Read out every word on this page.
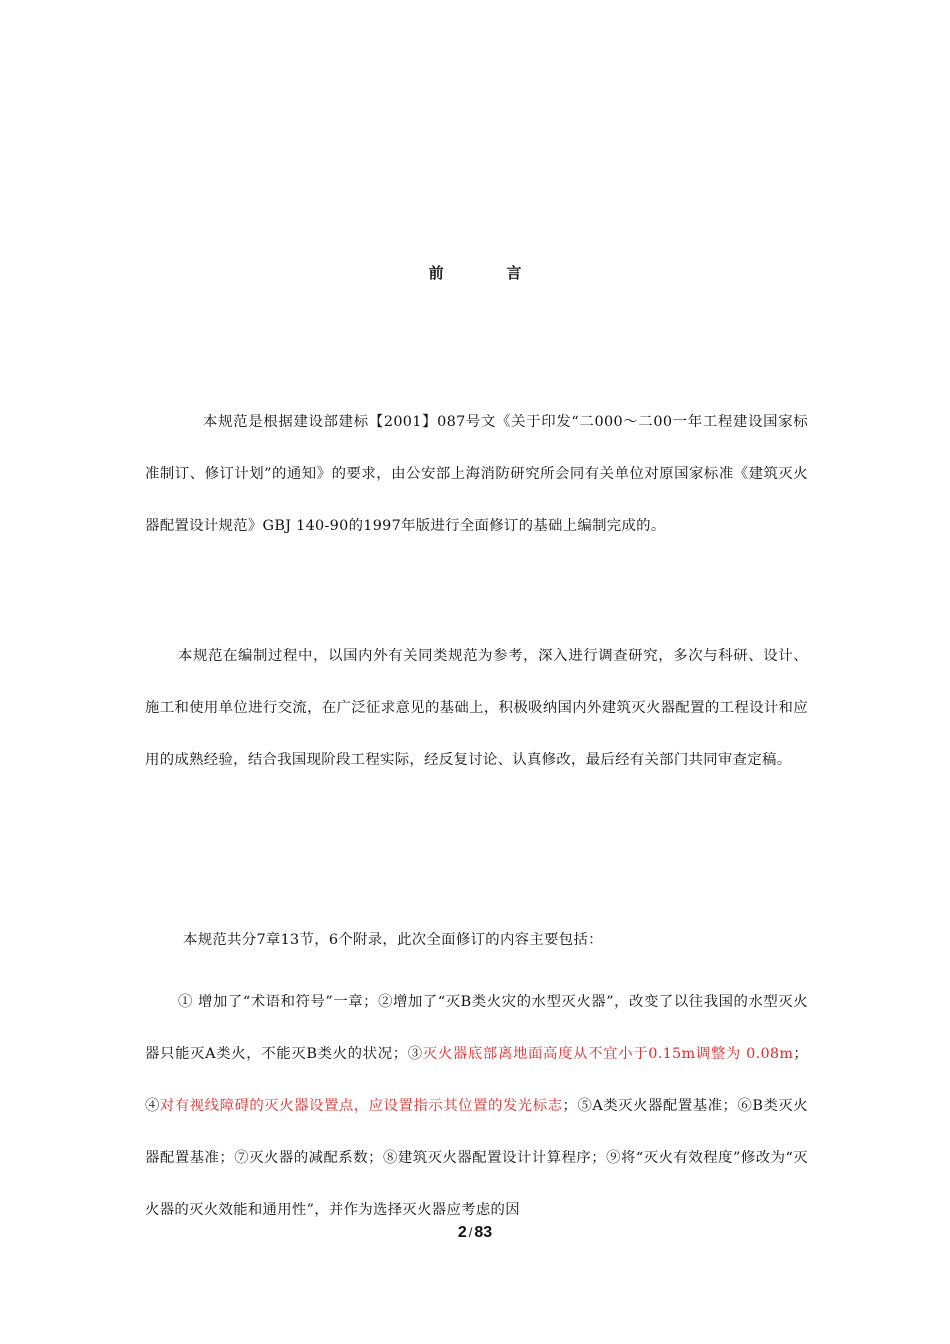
前            言

本规范是根据建设部建标【2001】087号文《关于印发“二000～二00一年工程建设国家标准制订、修订计划”的通知》的要求，由公安部上海消防研究所会同有关单位对原国家标准《建筑灭火器配置设计规范》GBJ 140-90的1997年版进行全面修订的基础上编制完成的。

本规范在编制过程中，以国内外有关同类规范为参考，深入进行调查研究，多次与科研、设计、施工和使用单位进行交流，在广泛征求意见的基础上，积极吸纳国内外建筑灭火器配置的工程设计和应用的成熟经验，结合我国现阶段工程实际，经反复讨论、认真修改，最后经有关部门共同审查定稿。

本规范共分7章13节，6个附录，此次全面修订的内容主要包括：

① 增加了“术语和符号”一章；②增加了“灭B类火灾的水型灭火器”，改变了以往我国的水型灭火器只能灭A类火，不能灭B类火的状况；③灭火器底部离地面高度从不宜小于0.15m调整为 0.08m；④对有视线障碍的灭火器设置点，应设置指示其位置的发光标志；⑤A类灭火器配置基准；⑥B类灭火器配置基准；⑦灭火器的减配系数；⑧建筑灭火器配置设计计算程序；⑨将“灭火有效程度”修改为“灭火器的灭火效能和通用性”，并作为选择灭火器应考虑的因

2 / 83
